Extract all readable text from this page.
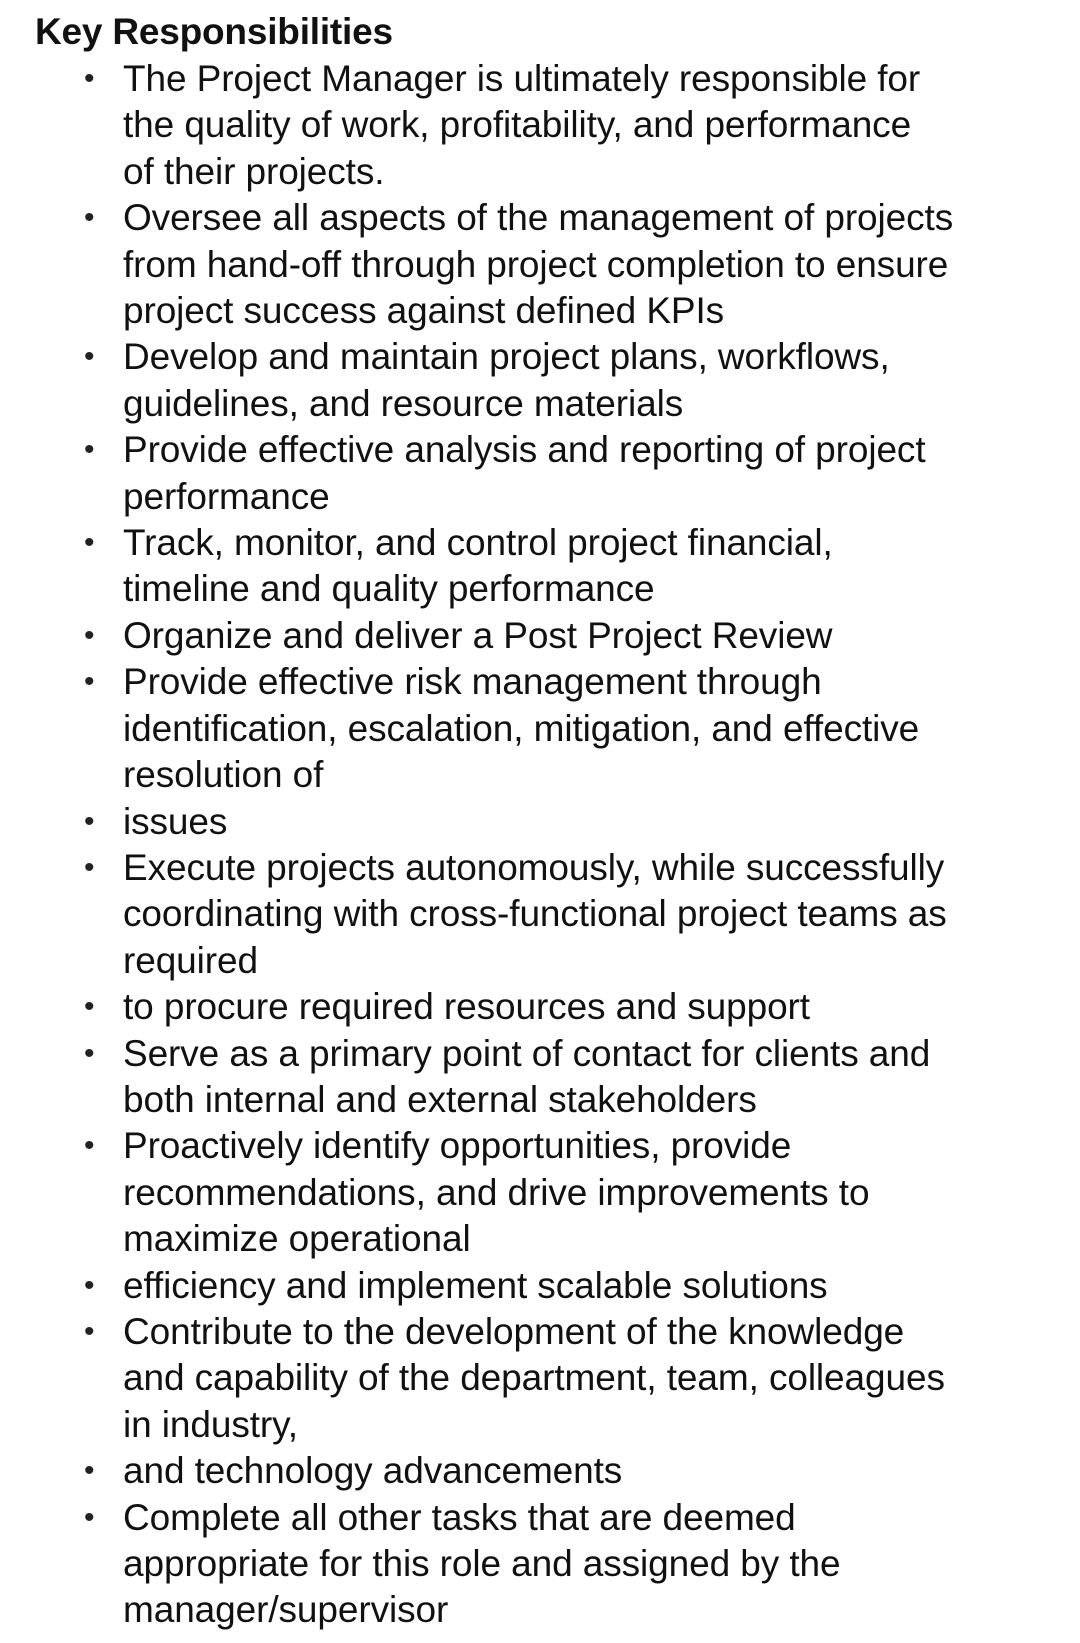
Key Responsibilities
• The Project Manager is ultimately responsible for
the quality of work, profitability, and performance
of their projects.
• Oversee all aspects of the management of projects
from hand-off through project completion to ensure
project success against defined KPIs
• Develop and maintain project plans, workflows,
guidelines, and resource materials
• Provide effective analysis and reporting of project
performance
• Track, monitor, and control project financial,
timeline and quality performance
• Organize and deliver a Post Project Review
• Provide effective risk management through
identification, escalation, mitigation, and effective
resolution of
• issues
• Execute projects autonomously, while successfully
coordinating with cross-functional project teams as
required
• to procure required resources and support
• Serve as a primary point of contact for clients and
both internal and external stakeholders
• Proactively identify opportunities, provide
recommendations, and drive improvements to
maximize operational
• efficiency and implement scalable solutions
• Contribute to the development of the knowledge
and capability of the department, team, colleagues
in industry,
• and technology advancements
• Complete all other tasks that are deemed
appropriate for this role and assigned by the
manager/supervisor
